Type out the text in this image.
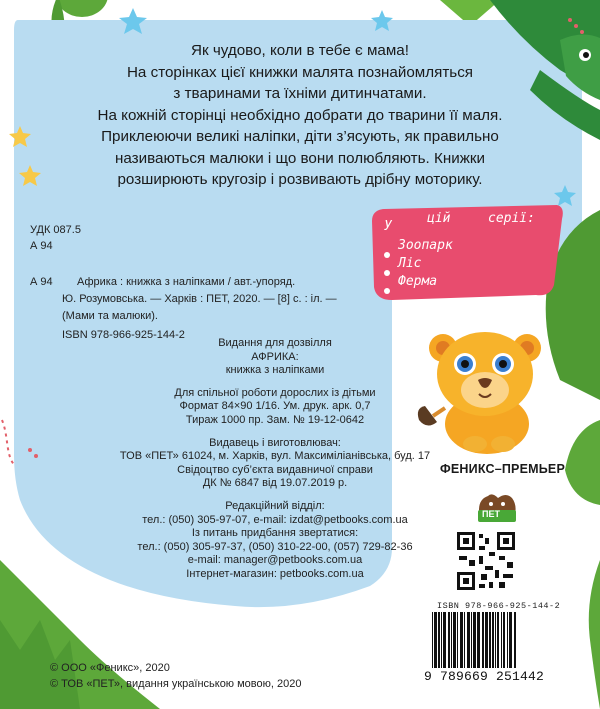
Як чудово, коли в тебе є мама!
На сторінках цієї книжки малята познайомляться
з тваринами та їхніми дитинчатами.
На кожній сторінці необхідно добрати до тварини її маля.
Приклеюючи великі наліпки, діти з’ясують, як правильно
називаються малюки і що вони полюбляють. Книжки
розширюють кругозір і розвивають дрібну моторику.
УДК 087.5
А 94
А 94 Африка : книжка з наліпками / авт.-упоряд.
Ю. Розумовська. — Харків : ПЕТ, 2020. — [8] с. : іл. —
(Мами та малюки).
ISBN 978-966-925-144-2
Видання для дозвілля
АФРИКА:
книжка з наліпками
Для спільної роботи дорослих із дітьми
Формат 84×90 1/16. Ум. друк. арк. 0,7
Тираж 1000 пр. Зам. № 19-12-0642
Видавець і виготовлювач:
ТОВ «ПЕТ» 61024, м. Харків, вул. Максиміліанівська, буд. 17
Свідоцтво суб’єкта видавничої справи
ДК № 6847 від 19.07.2019 р.
Редакційний відділ:
тел.: (050) 305-97-07, e-mail: izdat@petbooks.com.ua
Із питань придбання звертатися:
тел.: (050) 305-97-37, (050) 310-22-00, (057) 729-82-36
e-mail: manager@petbooks.com.ua
Інтернет-магазин: petbooks.com.ua
© ООО «Феникс», 2020
© ТОВ «ПЕТ», видання українською мовою, 2020
У
цій	серії:
Зоопарк
Ліс
Ферма
ФЕНИКС–ПРЕМЬЕР
ПЕТ
ISBN 978-966-925-144-2
9 789669 251442
